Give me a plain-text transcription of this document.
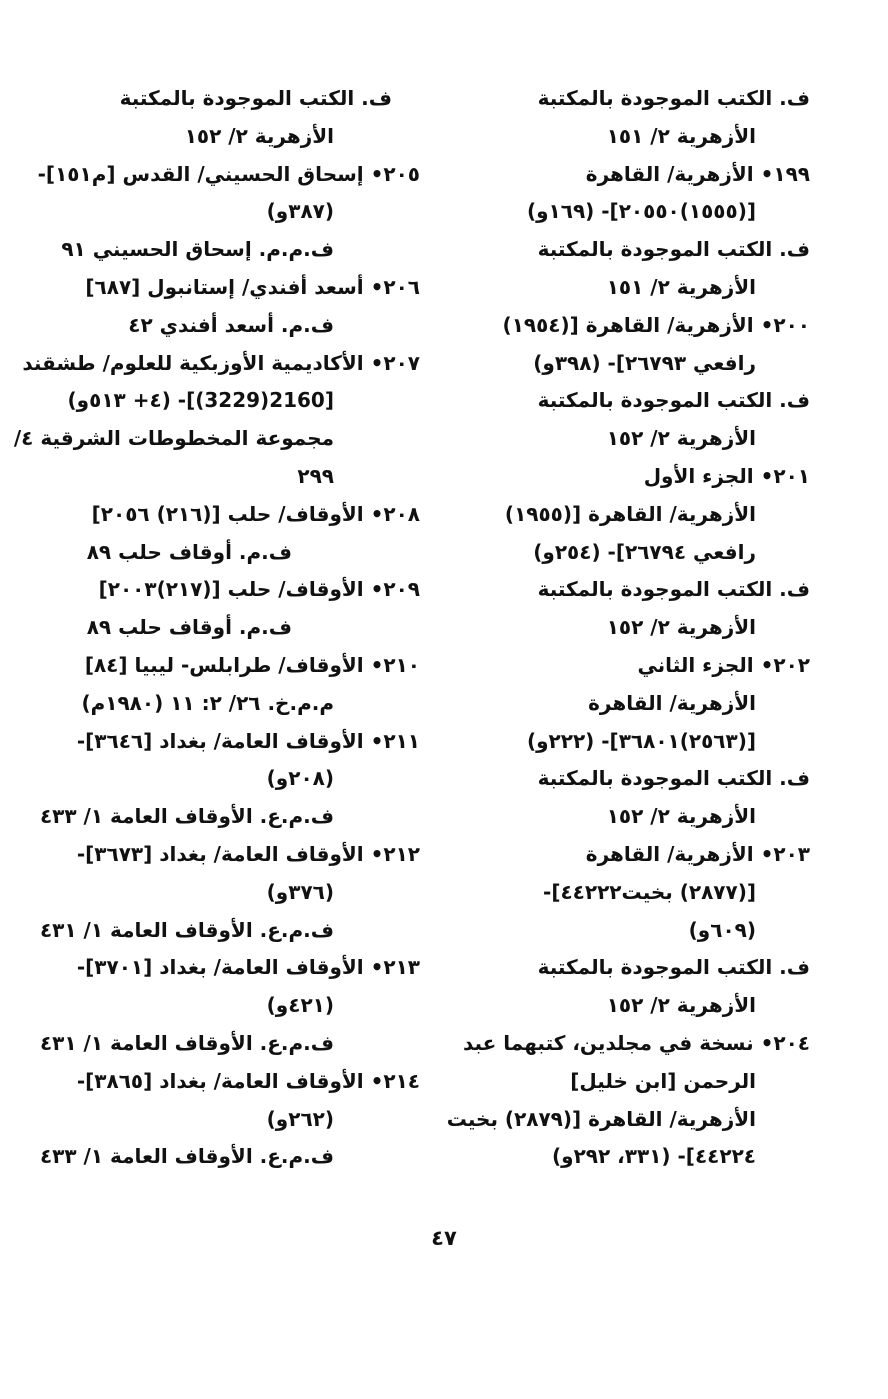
ف. الكتب الموجودة بالمكتبة
الأزهرية ٢/ ١٥١
١٩٩• الأزهرية/ القاهرة
[(١٥٥٥)٢٠٥٥٠]- (١٦٩و)
ف. الكتب الموجودة بالمكتبة
الأزهرية ٢/ ١٥١
٢٠٠• الأزهرية/ القاهرة [(١٩٥٤)
رافعي ٢٦٧٩٣]- (٣٩٨و)
ف. الكتب الموجودة بالمكتبة
الأزهرية ٢/ ١٥٢
٢٠١• الجزء الأول
الأزهرية/ القاهرة [(١٩٥٥)
رافعي ٢٦٧٩٤]- (٢٥٤و)
ف. الكتب الموجودة بالمكتبة
الأزهرية ٢/ ١٥٢
٢٠٢• الجزء الثاني
الأزهرية/ القاهرة
[(٢٥٦٣)٣٦٨٠١]- (٢٢٢و)
ف. الكتب الموجودة بالمكتبة
الأزهرية ٢/ ١٥٢
٢٠٣• الأزهرية/ القاهرة
[(٢٨٧٧) بخيت٤٤٢٢٢]-
(٦٠٩و)
ف. الكتب الموجودة بالمكتبة
الأزهرية ٢/ ١٥٢
٢٠٤• نسخة في مجلدين، كتبهما عبد
الرحمن [ابن خليل]
الأزهرية/ القاهرة [(٢٨٧٩) بخيت
٤٤٢٢٤]- (٣٣١، ٢٩٢و)
ف. الكتب الموجودة بالمكتبة
الأزهرية ٢/ ١٥٢
٢٠٥• إسحاق الحسيني/ القدس [م١٥١]-
(٣٨٧و)
ف.م.م. إسحاق الحسيني ٩١
٢٠٦• أسعد أفندي/ إستانبول [٦٨٧]
ف.م. أسعد أفندي ٤٢
٢٠٧• الأكاديمية الأوزبكية للعلوم/ طشقند
[2160(3229)]- (٤+ ٥١٣و)
مجموعة المخطوطات الشرقية ٤/
٢٩٩
٢٠٨• الأوقاف/ حلب [(٢١٦) ٢٠٥٦]
ف.م. أوقاف حلب ٨٩
٢٠٩• الأوقاف/ حلب [(٢١٧)٢٠٠٣]
ف.م. أوقاف حلب ٨٩
٢١٠• الأوقاف/ طرابلس- ليبيا [٨٤]
م.م.خ. ٢٦/ ٢: ١١ (١٩٨٠م)
٢١١• الأوقاف العامة/ بغداد [٣٦٤٦]-
(٢٠٨و)
ف.م.ع. الأوقاف العامة ١/ ٤٣٣
٢١٢• الأوقاف العامة/ بغداد [٣٦٧٣]-
(٣٧٦و)
ف.م.ع. الأوقاف العامة ١/ ٤٣١
٢١٣• الأوقاف العامة/ بغداد [٣٧٠١]-
(٤٢١و)
ف.م.ع. الأوقاف العامة ١/ ٤٣١
٢١٤• الأوقاف العامة/ بغداد [٣٨٦٥]-
(٢٦٢و)
ف.م.ع. الأوقاف العامة ١/ ٤٣٣
٤٧
